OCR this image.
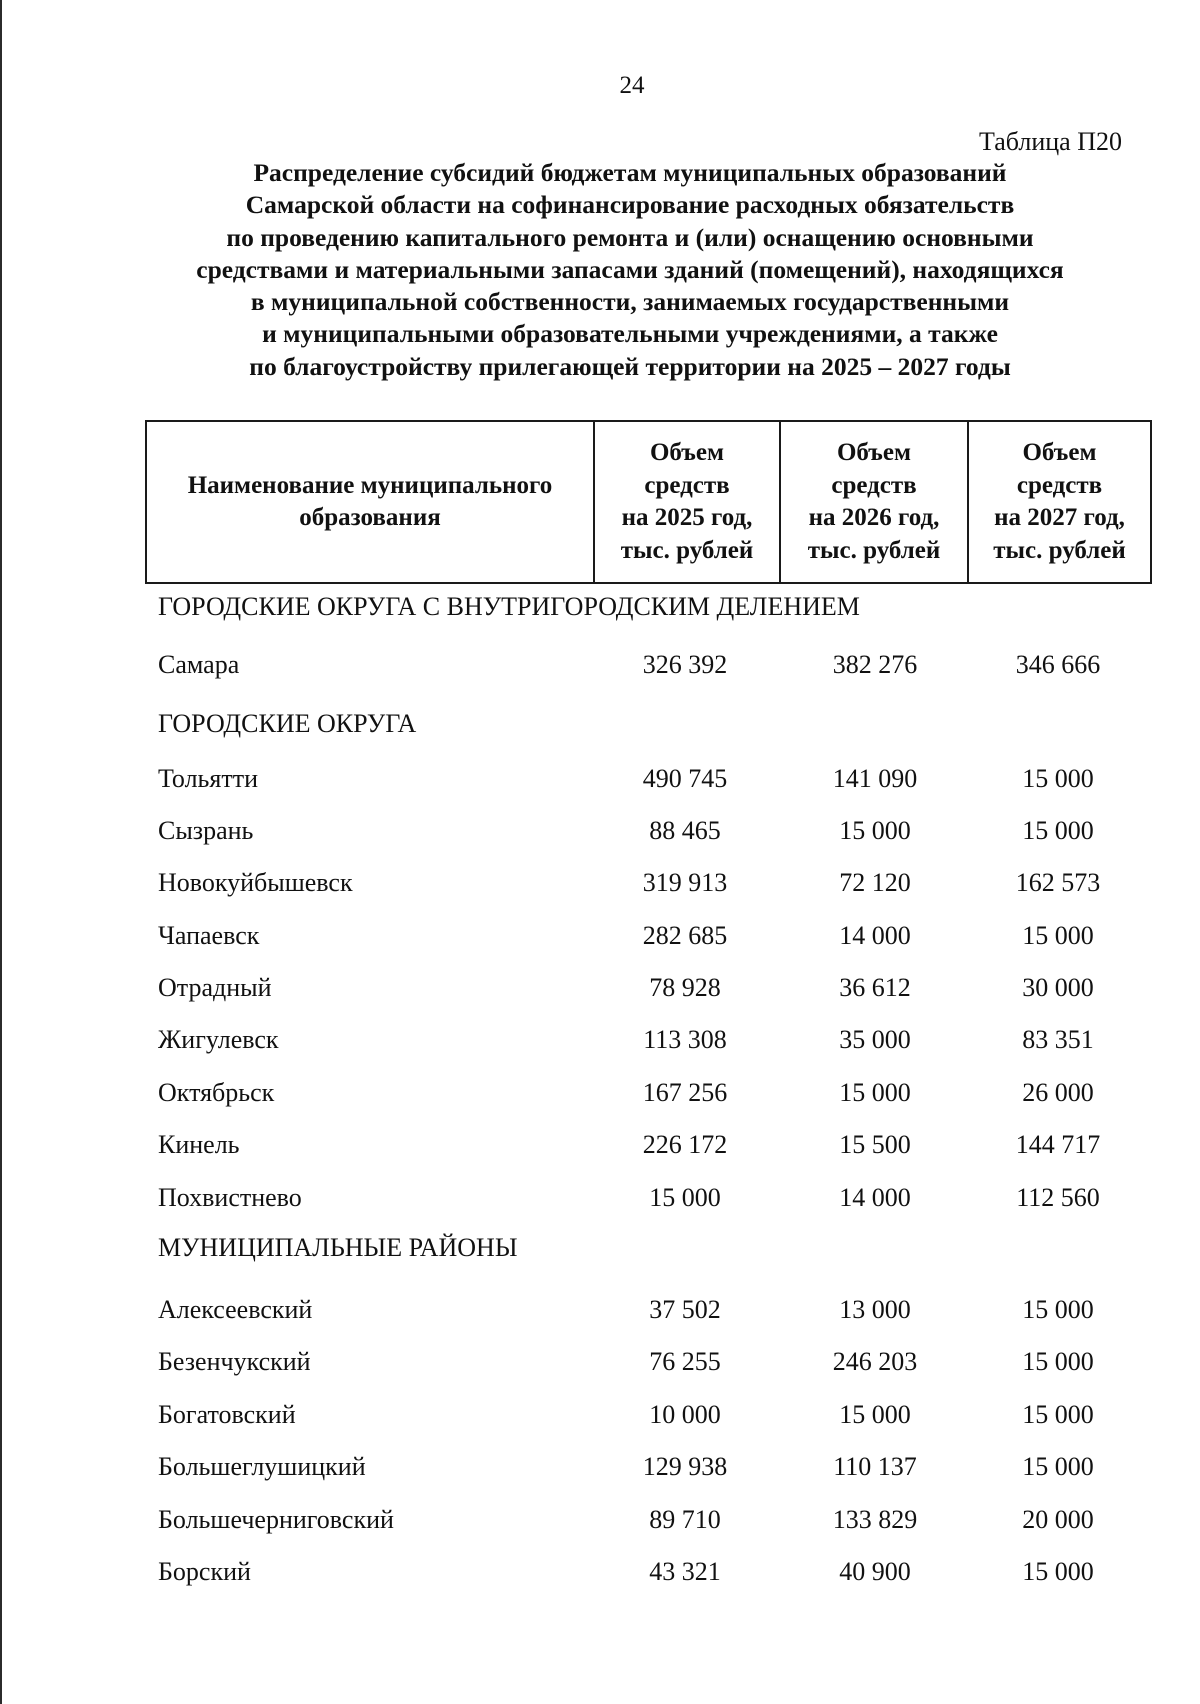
24
Таблица П20
Распределение субсидий бюджетам муниципальных образований
Самарской области на софинансирование расходных обязательств
по проведению капитального ремонта и (или) оснащению основными
средствами и материальными запасами зданий (помещений), находящихся
в муниципальной собственности, занимаемых государственными
и муниципальными образовательными учреждениями, а также
по благоустройству прилегающей территории на 2025 – 2027 годы
Наименование муниципального
образования

Объем
средств
на 2025 год,
тыс. рублей

Объем
средств
на 2026 год,
тыс. рублей

Объем
средств
на 2027 год,
тыс. рублей
ГОРОДСКИЕ ОКРУГА С ВНУТРИГОРОДСКИМ ДЕЛЕНИЕМ
Самара	326 392	382 276	346 666
ГОРОДСКИЕ ОКРУГА
Тольятти	490 745	141 090	15 000
Сызрань	88 465	15 000	15 000
Новокуйбышевск	319 913	72 120	162 573
Чапаевск	282 685	14 000	15 000
Отрадный	78 928	36 612	30 000
Жигулевск	113 308	35 000	83 351
Октябрьск	167 256	15 000	26 000
Кинель	226 172	15 500	144 717
Похвистнево	15 000	14 000	112 560
МУНИЦИПАЛЬНЫЕ РАЙОНЫ
Алексеевский	37 502	13 000	15 000
Безенчукский	76 255	246 203	15 000
Богатовский	10 000	15 000	15 000
Большеглушицкий	129 938	110 137	15 000
Большечерниговский	89 710	133 829	20 000
Борский	43 321	40 900	15 000
